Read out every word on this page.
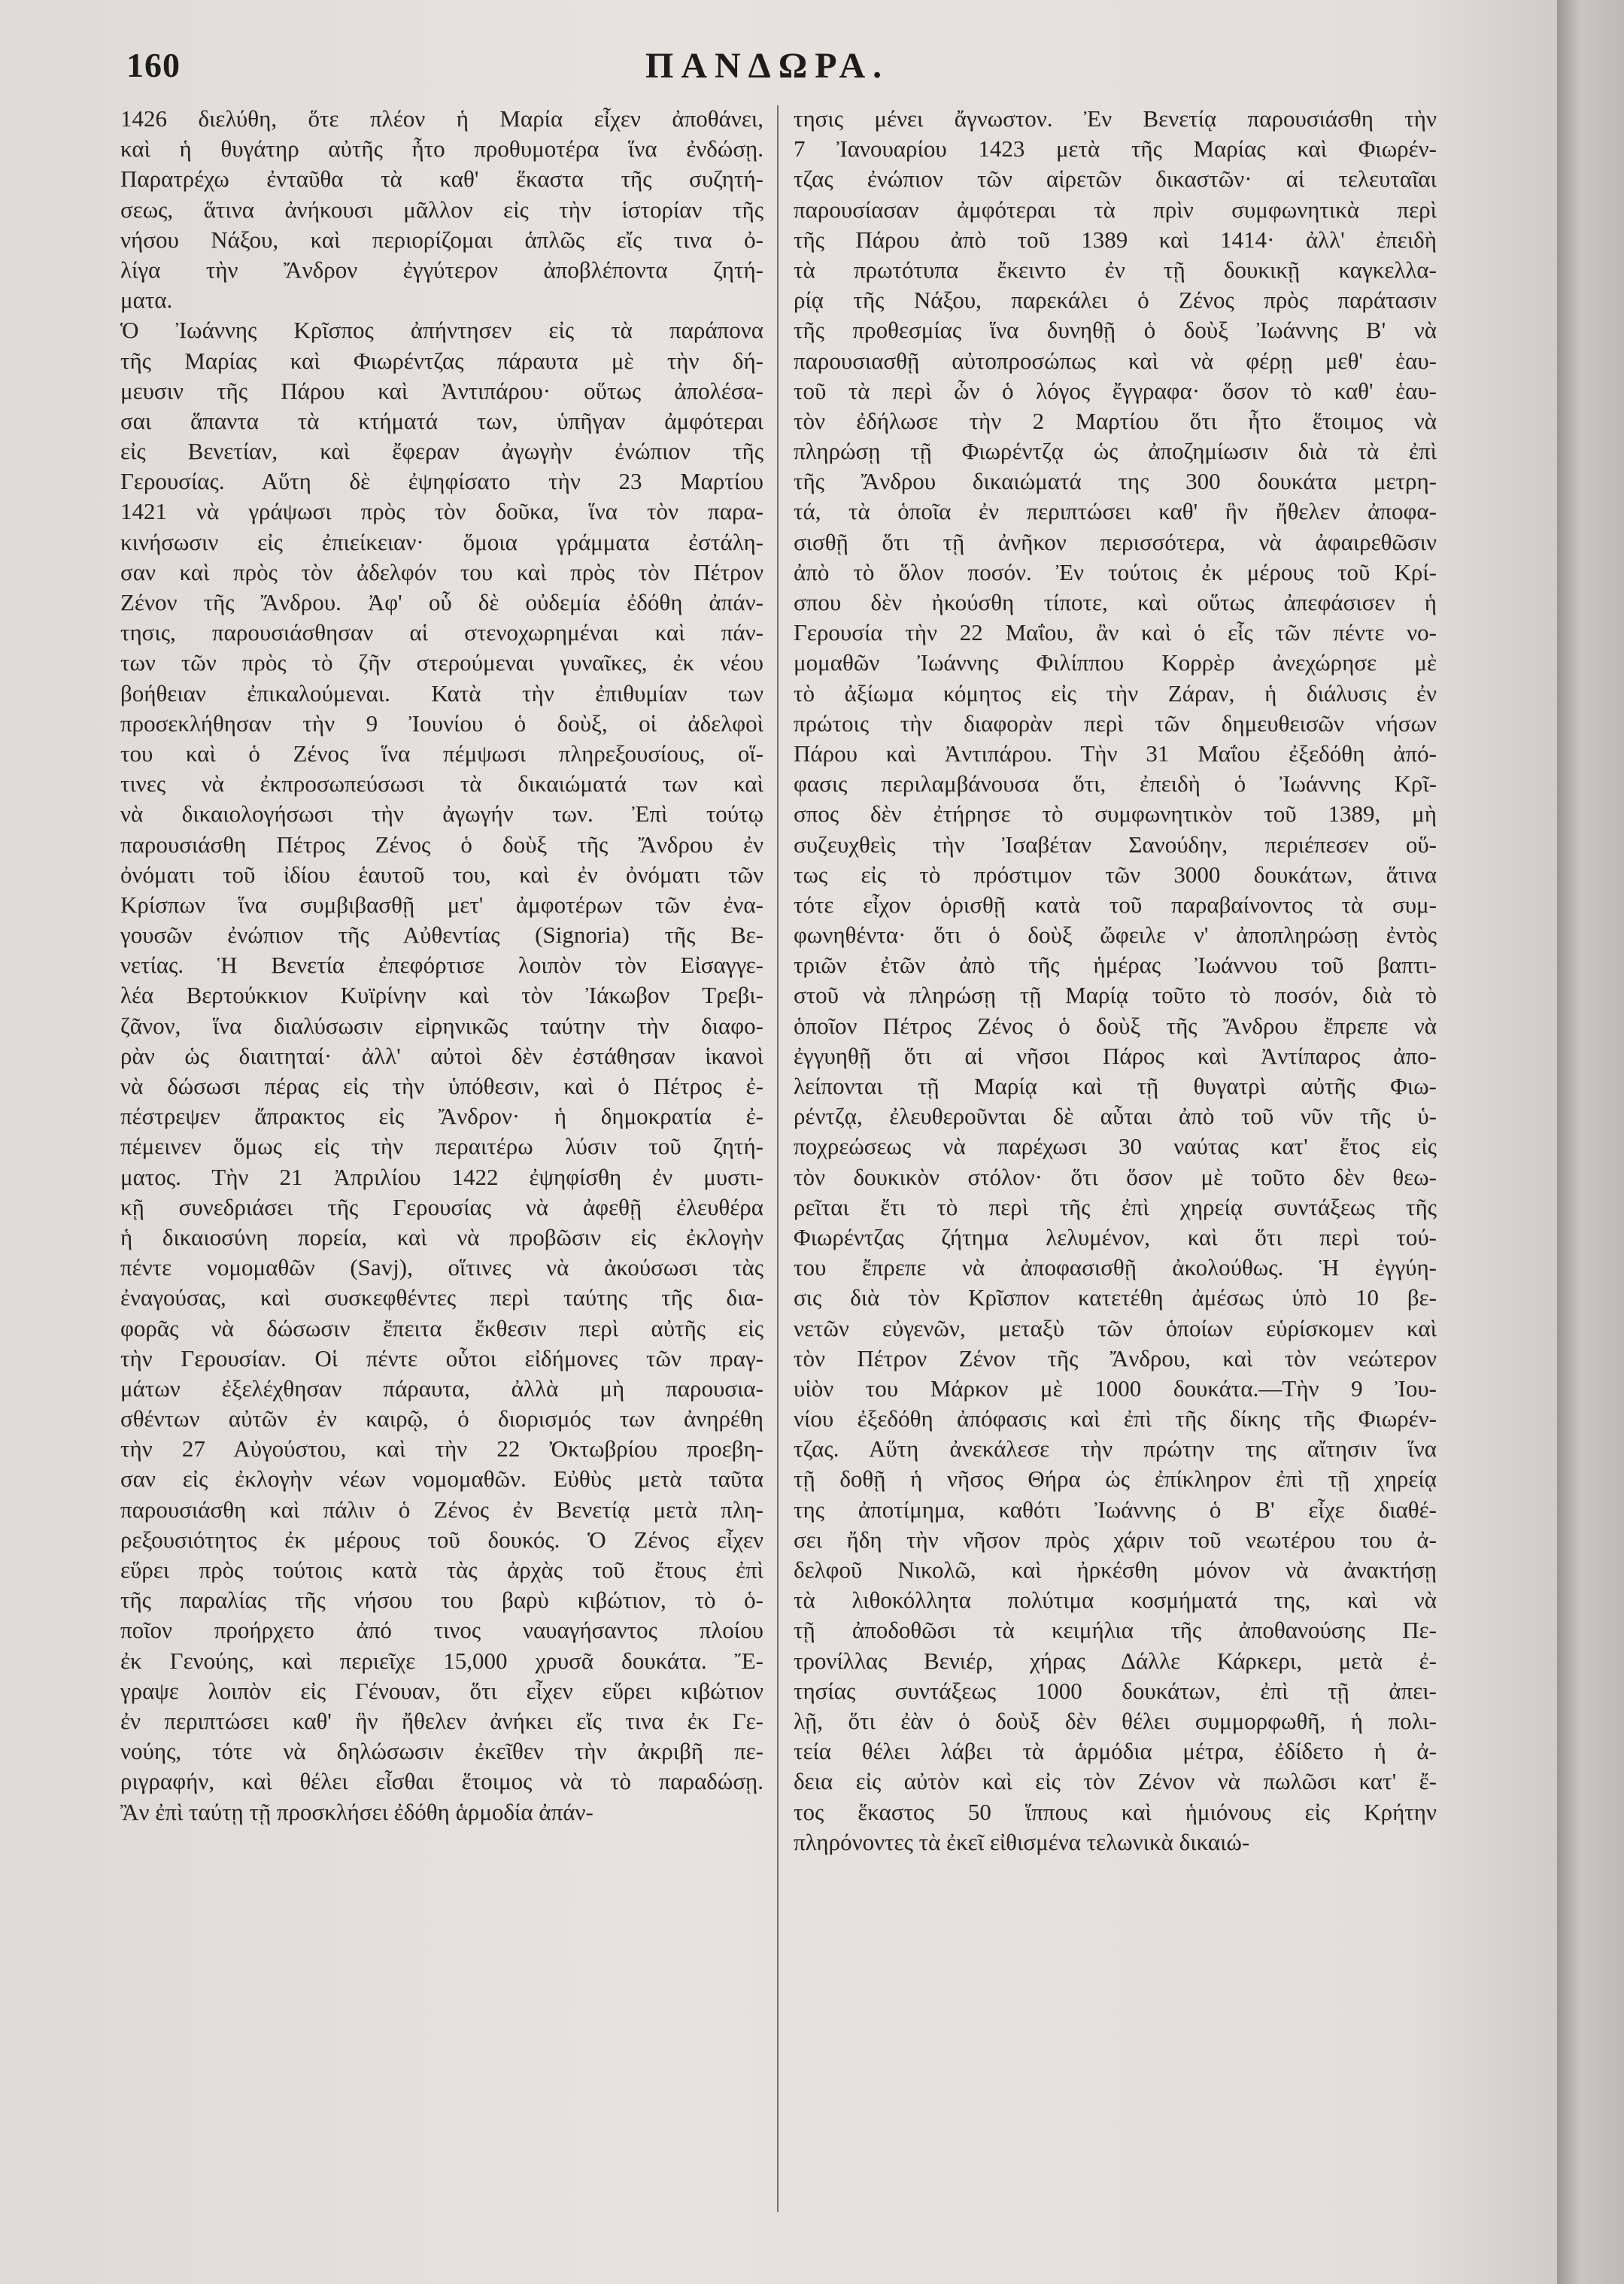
160	ΠΑΝΔΩΡΑ.
1426 διελύθη, ὅτε πλέον ἡ Μαρία εἶχεν ἀποθάνει,
καὶ ἡ θυγάτηρ αὐτῆς ἦτο προθυμοτέρα ἵνα ἐνδώσῃ.
Παρατρέχω ἐνταῦθα τὰ καθ' ἕκαστα τῆς συζητή-
σεως, ἅτινα ἀνήκουσι μᾶλλον εἰς τὴν ἱστορίαν τῆς
νήσου Νάξου, καὶ περιορίζομαι ἁπλῶς εἴς τινα ὀ-
λίγα τὴν Ἄνδρον ἐγγύτερον ἀποβλέποντα ζητή-
ματα.
Ὁ Ἰωάννης Κρῖσπος ἀπήντησεν εἰς τὰ παράπονα
τῆς Μαρίας καὶ Φιωρέντζας πάραυτα μὲ τὴν δή-
μευσιν τῆς Πάρου καὶ Ἀντιπάρου· οὕτως ἀπολέσα-
σαι ἅπαντα τὰ κτήματά των, ὑπῆγαν ἀμφότεραι
εἰς Βενετίαν, καὶ ἔφεραν ἀγωγὴν ἐνώπιον τῆς
Γερουσίας. Αὕτη δὲ ἐψηφίσατο τὴν 23 Μαρτίου
1421 νὰ γράψωσι πρὸς τὸν δοῦκα, ἵνα τὸν παρα-
κινήσωσιν εἰς ἐπιείκειαν· ὅμοια γράμματα ἐστάλη-
σαν καὶ πρὸς τὸν ἀδελφόν του καὶ πρὸς τὸν Πέτρον
Ζένον τῆς Ἄνδρου. Ἀφ' οὗ δὲ οὐδεμία ἐδόθη ἀπάν-
τησις, παρουσιάσθησαν αἱ στενοχωρημέναι καὶ πάν-
των τῶν πρὸς τὸ ζῆν στερούμεναι γυναῖκες, ἐκ νέου
βοήθειαν ἐπικαλούμεναι. Κατὰ τὴν ἐπιθυμίαν των
προσεκλήθησαν τὴν 9 Ἰουνίου ὁ δοὺξ, οἱ ἀδελφοὶ
του καὶ ὁ Ζένος ἵνα πέμψωσι πληρεξουσίους, οἵ-
τινες νὰ ἐκπροσωπεύσωσι τὰ δικαιώματά των καὶ
νὰ δικαιολογήσωσι τὴν ἀγωγήν των. Ἐπὶ τούτῳ
παρουσιάσθη Πέτρος Ζένος ὁ δοὺξ τῆς Ἄνδρου ἐν
ὀνόματι τοῦ ἰδίου ἑαυτοῦ του, καὶ ἐν ὀνόματι τῶν
Κρίσπων ἵνα συμβιβασθῇ μετ' ἀμφοτέρων τῶν ἐνα-
γουσῶν ἐνώπιον τῆς Αὐθεντίας (Signoria) τῆς Βε-
νετίας. Ἡ Βενετία ἐπεφόρτισε λοιπὸν τὸν Εἰσαγγε-
λέα Βερτούκκιον Κυϊρίνην καὶ τὸν Ἰάκωβον Τρεβι-
ζᾶνον, ἵνα διαλύσωσιν εἰρηνικῶς ταύτην τὴν διαφο-
ρὰν ὡς διαιτηταί· ἀλλ' αὐτοὶ δὲν ἐστάθησαν ἱκανοὶ
νὰ δώσωσι πέρας εἰς τὴν ὑπόθεσιν, καὶ ὁ Πέτρος ἐ-
πέστρεψεν ἄπρακτος εἰς Ἄνδρον· ἡ δημοκρατία ἐ-
πέμεινεν ὅμως εἰς τὴν περαιτέρω λύσιν τοῦ ζητή-
ματος. Τὴν 21 Ἀπριλίου 1422 ἐψηφίσθη ἐν μυστι-
κῇ συνεδριάσει τῆς Γερουσίας νὰ ἀφεθῇ ἐλευθέρα
ἡ δικαιοσύνη πορεία, καὶ νὰ προβῶσιν εἰς ἐκλογὴν
πέντε νομομαθῶν (Savj), οἵτινες νὰ ἀκούσωσι τὰς
ἐναγούσας, καὶ συσκεφθέντες περὶ ταύτης τῆς δια-
φορᾶς νὰ δώσωσιν ἔπειτα ἔκθεσιν περὶ αὐτῆς εἰς
τὴν Γερουσίαν. Οἱ πέντε οὗτοι εἰδήμονες τῶν πραγ-
μάτων ἐξελέχθησαν πάραυτα, ἀλλὰ μὴ παρουσια-
σθέντων αὐτῶν ἐν καιρῷ, ὁ διορισμός των ἀνηρέθη
τὴν 27 Αὐγούστου, καὶ τὴν 22 Ὀκτωβρίου προεβη-
σαν εἰς ἐκλογὴν νέων νομομαθῶν. Εὐθὺς μετὰ ταῦτα
παρουσιάσθη καὶ πάλιν ὁ Ζένος ἐν Βενετίᾳ μετὰ πλη-
ρεξουσιότητος ἐκ μέρους τοῦ δουκός. Ὁ Ζένος εἶχεν
εὕρει πρὸς τούτοις κατὰ τὰς ἀρχὰς τοῦ ἔτους ἐπὶ
τῆς παραλίας τῆς νήσου του βαρὺ κιβώτιον, τὸ ὁ-
ποῖον προήρχετο ἀπό τινος ναυαγήσαντος πλοίου
ἐκ Γενούης, καὶ περιεῖχε 15,000 χρυσᾶ δουκάτα. Ἔ-
γραψε λοιπὸν εἰς Γένουαν, ὅτι εἶχεν εὕρει κιβώτιον
ἐν περιπτώσει καθ' ἣν ἤθελεν ἀνήκει εἴς τινα ἐκ Γε-
νούης, τότε νὰ δηλώσωσιν ἐκεῖθεν τὴν ἀκριβῆ πε-
ριγραφήν, καὶ θέλει εἶσθαι ἕτοιμος νὰ τὸ παραδώσῃ.
Ἂν ἐπὶ ταύτῃ τῇ προσκλήσει ἐδόθη ἁρμοδία ἀπάν-
τησις μένει ἄγνωστον. Ἐν Βενετίᾳ παρουσιάσθη τὴν
7 Ἰανουαρίου 1423 μετὰ τῆς Μαρίας καὶ Φιωρέν-
τζας ἐνώπιον τῶν αἱρετῶν δικαστῶν· αἱ τελευταῖαι
παρουσίασαν ἀμφότεραι τὰ πρὶν συμφωνητικὰ περὶ
τῆς Πάρου ἀπὸ τοῦ 1389 καὶ 1414· ἀλλ' ἐπειδὴ
τὰ πρωτότυπα ἔκειντο ἐν τῇ δουκικῇ καγκελλα-
ρίᾳ τῆς Νάξου, παρεκάλει ὁ Ζένος πρὸς παράτασιν
τῆς προθεσμίας ἵνα δυνηθῇ ὁ δοὺξ Ἰωάννης Β' νὰ
παρουσιασθῇ αὐτοπροσώπως καὶ νὰ φέρῃ μεθ' ἑαυ-
τοῦ τὰ περὶ ὧν ὁ λόγος ἔγγραφα· ὅσον τὸ καθ' ἑαυ-
τὸν ἐδήλωσε τὴν 2 Μαρτίου ὅτι ἦτο ἕτοιμος νὰ
πληρώσῃ τῇ Φιωρέντζᾳ ὡς ἀποζημίωσιν διὰ τὰ ἐπὶ
τῆς Ἄνδρου δικαιώματά της 300 δουκάτα μετρη-
τά, τὰ ὁποῖα ἐν περιπτώσει καθ' ἣν ἤθελεν ἀποφα-
σισθῇ ὅτι τῇ ἀνῆκον περισσότερα, νὰ ἀφαιρεθῶσιν
ἀπὸ τὸ ὅλον ποσόν. Ἐν τούτοις ἐκ μέρους τοῦ Κρί-
σπου δὲν ἠκούσθη τίποτε, καὶ οὕτως ἀπεφάσισεν ἡ
Γερουσία τὴν 22 Μαΐου, ἂν καὶ ὁ εἷς τῶν πέντε νο-
μομαθῶν Ἰωάννης Φιλίππου Κορρὲρ ἀνεχώρησε μὲ
τὸ ἀξίωμα κόμητος εἰς τὴν Ζάραν, ἡ διάλυσις ἐν
πρώτοις τὴν διαφορὰν περὶ τῶν δημευθεισῶν νήσων
Πάρου καὶ Ἀντιπάρου. Τὴν 31 Μαΐου ἐξεδόθη ἀπό-
φασις περιλαμβάνουσα ὅτι, ἐπειδὴ ὁ Ἰωάννης Κρῖ-
σπος δὲν ἐτήρησε τὸ συμφωνητικὸν τοῦ 1389, μὴ
συζευχθεὶς τὴν Ἰσαβέταν Σανούδην, περιέπεσεν οὕ-
τως εἰς τὸ πρόστιμον τῶν 3000 δουκάτων, ἅτινα
τότε εἶχον ὁρισθῇ κατὰ τοῦ παραβαίνοντος τὰ συμ-
φωνηθέντα· ὅτι ὁ δοὺξ ὤφειλε ν' ἀποπληρώσῃ ἐντὸς
τριῶν ἐτῶν ἀπὸ τῆς ἡμέρας Ἰωάννου τοῦ βαπτι-
στοῦ νὰ πληρώσῃ τῇ Μαρίᾳ τοῦτο τὸ ποσόν, διὰ τὸ
ὁποῖον Πέτρος Ζένος ὁ δοὺξ τῆς Ἄνδρου ἔπρεπε νὰ
ἐγγυηθῇ ὅτι αἱ νῆσοι Πάρος καὶ Ἀντίπαρος ἀπο-
λείπονται τῇ Μαρίᾳ καὶ τῇ θυγατρὶ αὐτῆς Φιω-
ρέντζᾳ, ἐλευθεροῦνται δὲ αὗται ἀπὸ τοῦ νῦν τῆς ὑ-
ποχρεώσεως νὰ παρέχωσι 30 ναύτας κατ' ἔτος εἰς
τὸν δουκικὸν στόλον· ὅτι ὅσον μὲ τοῦτο δὲν θεω-
ρεῖται ἔτι τὸ περὶ τῆς ἐπὶ χηρείᾳ συντάξεως τῆς
Φιωρέντζας ζήτημα λελυμένον, καὶ ὅτι περὶ τού-
του ἔπρεπε νὰ ἀποφασισθῇ ἀκολούθως. Ἡ ἐγγύη-
σις διὰ τὸν Κρῖσπον κατετέθη ἀμέσως ὑπὸ 10 βε-
νετῶν εὐγενῶν, μεταξὺ τῶν ὁποίων εὑρίσκομεν καὶ
τὸν Πέτρον Ζένον τῆς Ἄνδρου, καὶ τὸν νεώτερον
υἱὸν του Μάρκον μὲ 1000 δουκάτα.—Τὴν 9 Ἰου-
νίου ἐξεδόθη ἀπόφασις καὶ ἐπὶ τῆς δίκης τῆς Φιωρέν-
τζας. Αὕτη ἀνεκάλεσε τὴν πρώτην της αἴτησιν ἵνα
τῇ δοθῇ ἡ νῆσος Θήρα ὡς ἐπίκληρον ἐπὶ τῇ χηρείᾳ
της ἀποτίμημα, καθότι Ἰωάννης ὁ Β' εἶχε διαθέ-
σει ἤδη τὴν νῆσον πρὸς χάριν τοῦ νεωτέρου του ἀ-
δελφοῦ Νικολῶ, καὶ ἠρκέσθη μόνον νὰ ἀνακτήσῃ
τὰ λιθοκόλλητα πολύτιμα κοσμήματά της, καὶ νὰ
τῇ ἀποδοθῶσι τὰ κειμήλια τῆς ἀποθανούσης Πε-
τρονίλλας Βενιέρ, χήρας Δάλλε Κάρκερι, μετὰ ἐ-
τησίας συντάξεως 1000 δουκάτων, ἐπὶ τῇ ἀπει-
λῇ, ὅτι ἐὰν ὁ δοὺξ δὲν θέλει συμμορφωθῆ, ἡ πολι-
τεία θέλει λάβει τὰ ἁρμόδια μέτρα, ἐδίδετο ἡ ἀ-
δεια εἰς αὐτὸν καὶ εἰς τὸν Ζένον νὰ πωλῶσι κατ' ἔ-
τος ἕκαστος 50 ἵππους καὶ ἡμιόνους εἰς Κρήτην
πληρόνοντες τὰ ἐκεῖ εἰθισμένα τελωνικὰ δικαιώ-
